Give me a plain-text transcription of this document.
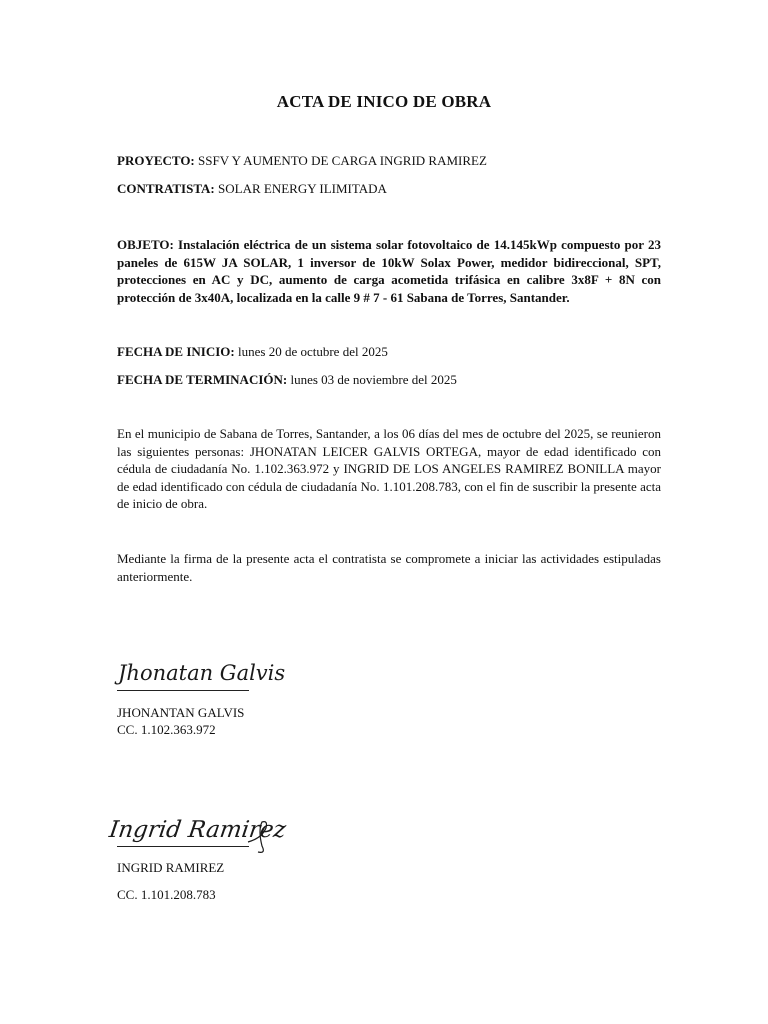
ACTA DE INICO DE OBRA
PROYECTO: SSFV Y AUMENTO DE CARGA INGRID RAMIREZ
CONTRATISTA: SOLAR ENERGY ILIMITADA
OBJETO: Instalación eléctrica de un sistema solar fotovoltaico de 14.145kWp compuesto por 23 paneles de 615W JA SOLAR, 1 inversor de 10kW Solax Power, medidor bidireccional, SPT, protecciones en AC y DC, aumento de carga acometida trifásica en calibre 3x8F + 8N con protección de 3x40A, localizada en la calle 9 # 7 - 61 Sabana de Torres, Santander.
FECHA DE INICIO: lunes 20 de octubre del 2025
FECHA DE TERMINACIÓN: lunes 03 de noviembre del 2025
En el municipio de Sabana de Torres, Santander, a los 06 días del mes de octubre del 2025, se reunieron las siguientes personas: JHONATAN LEICER GALVIS ORTEGA, mayor de edad identificado con cédula de ciudadanía No. 1.102.363.972 y INGRID DE LOS ANGELES RAMIREZ BONILLA mayor de edad identificado con cédula de ciudadanía No. 1.101.208.783, con el fin de suscribir la presente acta de inicio de obra.
Mediante la firma de la presente acta el contratista se compromete a iniciar las actividades estipuladas anteriormente.
Jhonatan Galvis
JHONANTAN GALVIS
CC. 1.102.363.972
Ingrid Ramirez
INGRID RAMIREZ
CC. 1.101.208.783
